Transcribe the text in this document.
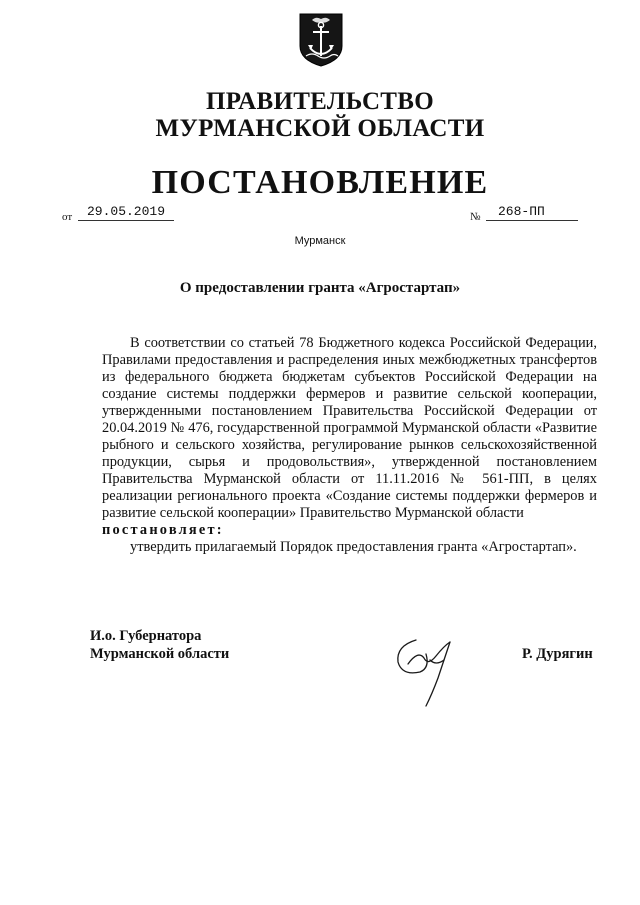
ПРАВИТЕЛЬСТВО
МУРМАНСКОЙ ОБЛАСТИ
ПОСТАНОВЛЕНИЕ
от	29.05.2019	№	268-ПП
Мурманск
О предоставлении гранта «Агростартап»

В соответствии со статьей 78 Бюджетного кодекса Российской Федерации, Правилами предоставления и распределения иных межбюджетных трансфертов из федерального бюджета бюджетам субъектов Российской Федерации на создание системы поддержки фермеров и развитие сельской кооперации, утвержденными постановлением Правительства Российской Федерации от 20.04.2019 № 476, государственной программой Мурманской области «Развитие рыбного и сельского хозяйства, регулирование рынков сельскохозяйственной продукции, сырья и продовольствия», утвержденной постановлением Правительства Мурманской области от 11.11.2016 № 561-ПП, в целях реализации регионального проекта «Создание системы поддержки фермеров и развитие сельской кооперации» Правительство Мурманской области
постановляет:

утвердить прилагаемый Порядок предоставления гранта «Агростартап».

И.о. Губернатора
Мурманской области	Р. Дурягин
